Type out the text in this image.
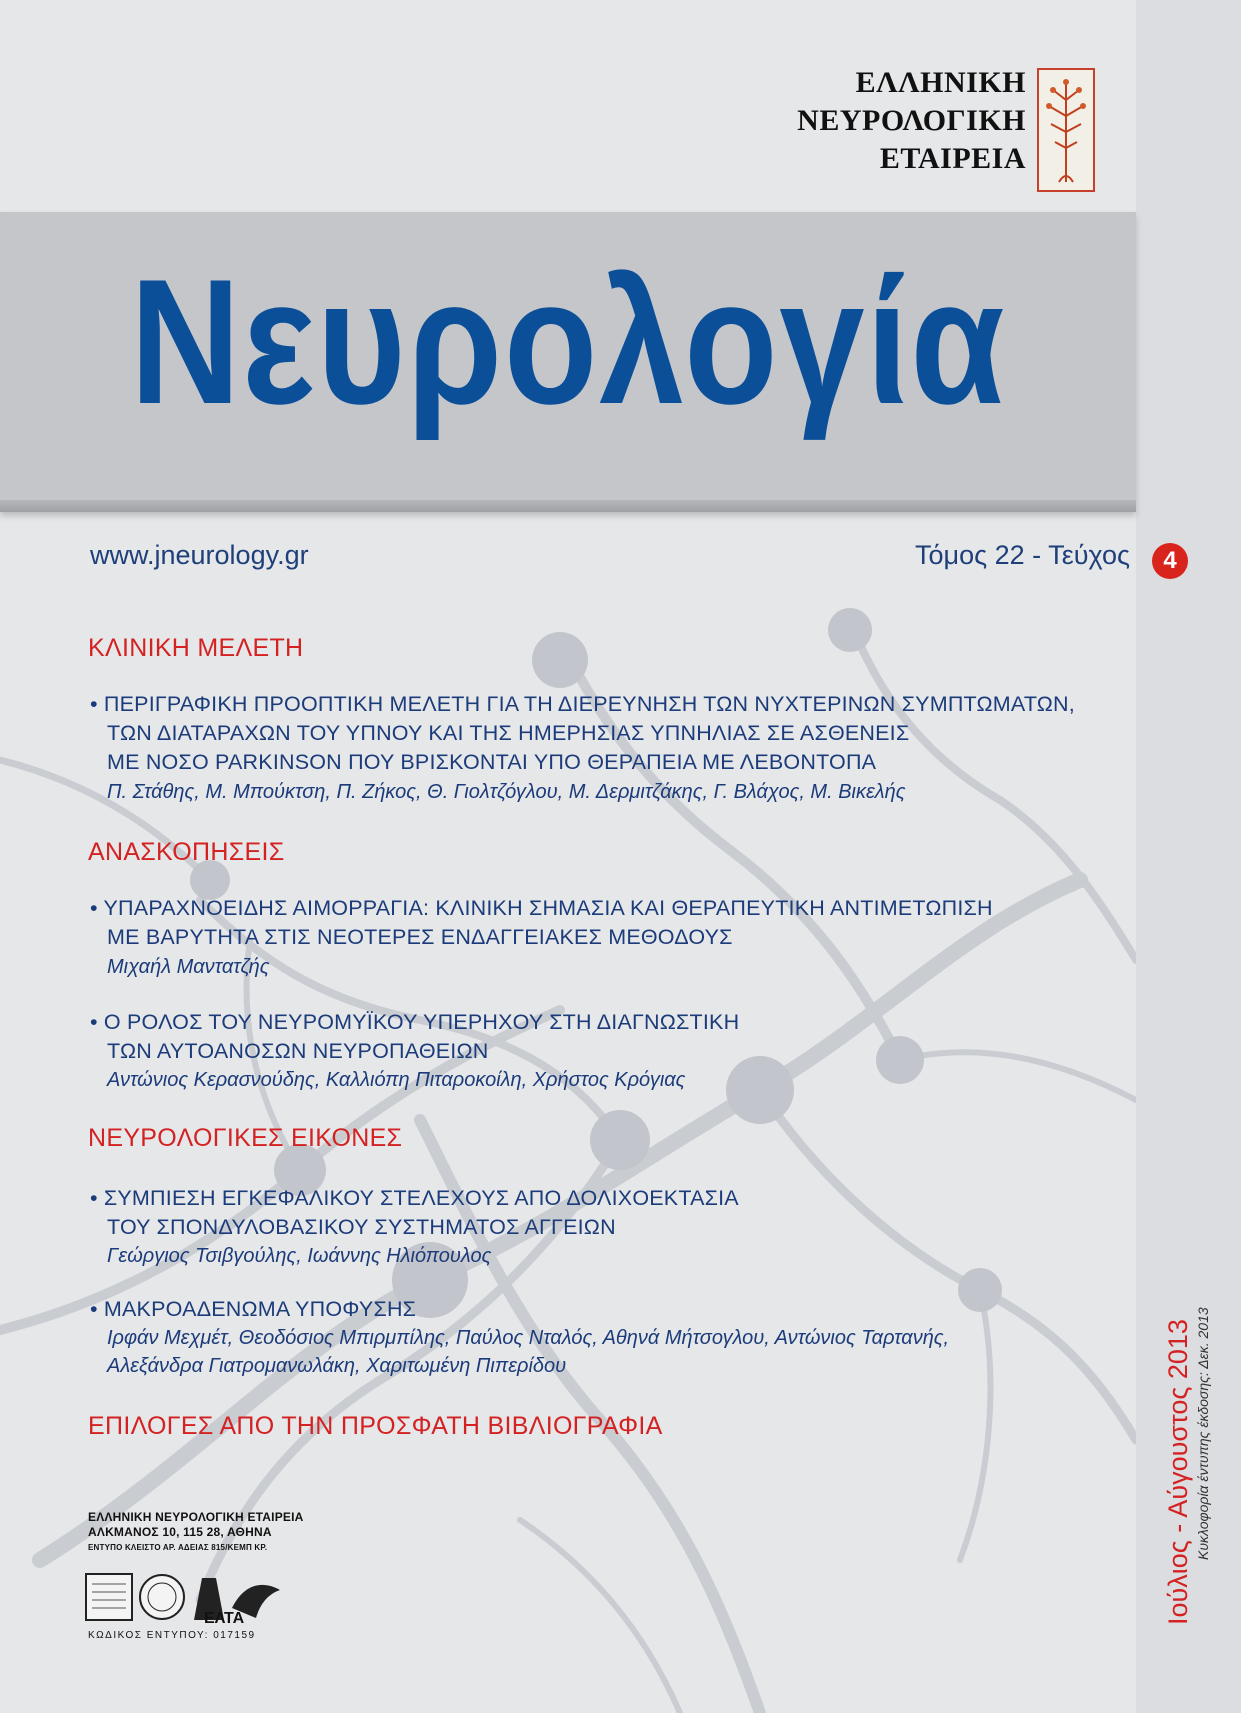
ΕΛΛΗΝΙΚΗ
ΝΕΥΡΟΛΟΓΙΚΗ
ΕΤΑΙΡΕΙΑ
Νευρολογία
www.jneurology.gr	Τόμος 22 - Τεύχος	4
ΚΛΙΝΙΚΗ ΜΕΛΕΤΗ
• ΠΕΡΙΓΡΑΦΙΚΗ ΠΡΟΟΠΤΙΚΗ ΜΕΛΕΤΗ ΓΙΑ ΤΗ ΔΙΕΡΕΥΝΗΣΗ ΤΩΝ ΝΥΧΤΕΡΙΝΩΝ ΣΥΜΠΤΩΜΑΤΩΝ,
ΤΩΝ ΔΙΑΤΑΡΑΧΩΝ ΤΟΥ ΥΠΝΟΥ ΚΑΙ ΤΗΣ ΗΜΕΡΗΣΙΑΣ ΥΠΝΗΛΙΑΣ ΣΕ ΑΣΘΕΝΕΙΣ
ΜΕ ΝΟΣΟ PARKINSON ΠΟΥ ΒΡΙΣΚΟΝΤΑΙ ΥΠΟ ΘΕΡΑΠΕΙΑ ΜΕ ΛΕΒΟΝΤΟΠΑ
Π. Στάθης, Μ. Μπούκτση, Π. Ζήκος, Θ. Γιολτζόγλου, Μ. Δερμιτζάκης, Γ. Βλάχος, Μ. Βικελής
ΑΝΑΣΚΟΠΗΣΕΙΣ
• ΥΠΑΡΑΧΝΟΕΙΔΗΣ ΑΙΜΟΡΡΑΓΙΑ: ΚΛΙΝΙΚΗ ΣΗΜΑΣΙΑ ΚΑΙ ΘΕΡΑΠΕΥΤΙΚΗ ΑΝΤΙΜΕΤΩΠΙΣΗ
ΜΕ ΒΑΡΥΤΗΤΑ ΣΤΙΣ ΝΕΟΤΕΡΕΣ ΕΝΔΑΓΓΕΙΑΚΕΣ ΜΕΘΟΔΟΥΣ
Μιχαήλ Μαντατζής
• Ο ΡΟΛΟΣ ΤΟΥ ΝΕΥΡΟΜΥΪΚΟΥ ΥΠΕΡΗΧΟΥ ΣΤΗ ΔΙΑΓΝΩΣΤΙΚΗ
ΤΩΝ ΑΥΤΟΑΝΟΣΩΝ ΝΕΥΡΟΠΑΘΕΙΩΝ
Αντώνιος Κερασνούδης, Καλλιόπη Πιταροκοίλη, Χρήστος Κρόγιας
ΝΕΥΡΟΛΟΓΙΚΕΣ ΕΙΚΟΝΕΣ
• ΣΥΜΠΙΕΣΗ ΕΓΚΕΦΑΛΙΚΟΥ ΣΤΕΛΕΧΟΥΣ ΑΠΟ ΔΟΛΙΧΟΕΚΤΑΣΙΑ
ΤΟΥ ΣΠΟΝΔΥΛΟΒΑΣΙΚΟΥ ΣΥΣΤΗΜΑΤΟΣ ΑΓΓΕΙΩΝ
Γεώργιος Τσιβγούλης, Ιωάννης Ηλιόπουλος
• ΜΑΚΡΟΑΔΕΝΩΜΑ ΥΠΟΦΥΣΗΣ
Ιρφάν Μεχμέτ, Θεοδόσιος Μπιρμπίλης, Παύλος Νταλός, Αθηνά Μήτσογλου, Αντώνιος Ταρτανής,
Αλεξάνδρα Γιατρομανωλάκη, Χαριτωμένη Πιπερίδου
ΕΠΙΛΟΓΕΣ ΑΠΟ ΤΗΝ ΠΡΟΣΦΑΤΗ ΒΙΒΛΙΟΓΡΑΦΙΑ	Ιούλιος - Αύγουστος 2013 Κυκλοφορία έντυπης έκδοσης: Δεκ. 2013
ΕΛΛΗΝΙΚΗ ΝΕΥΡΟΛΟΓΙΚΗ ΕΤΑΙΡΕΙΑ
ΑΛΚΜΑΝΟΣ 10, 115 28, ΑΘΗΝΑ
ΕΝΤΥΠΟ ΚΛΕΙΣΤΟ ΑΡ. ΑΔΕΙΑΣ 815/ΚΕΜΠ ΚΡ.
ΕΛΤΑ
ΚΩΔΙΚΟΣ ΕΝΤΥΠΟΥ: 017159
